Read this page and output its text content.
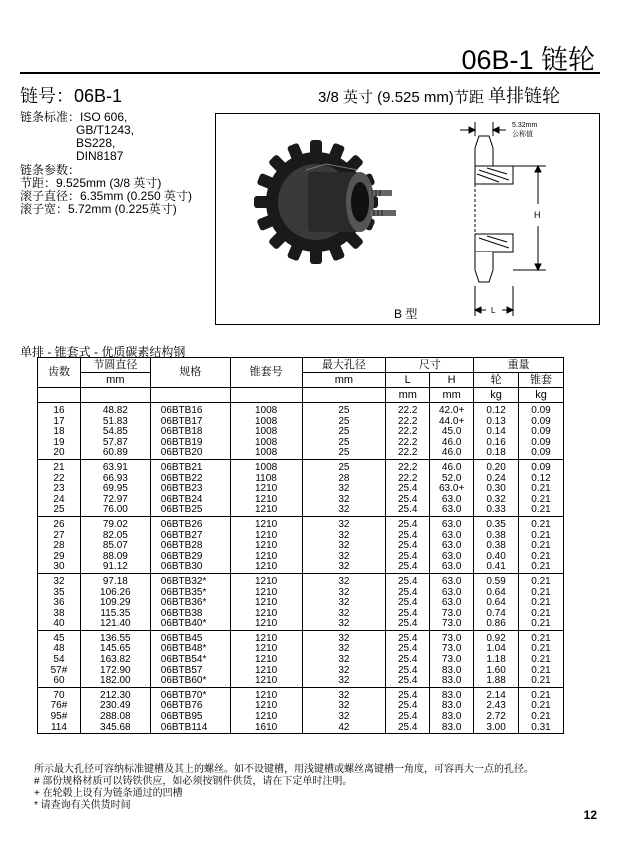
06B-1 链轮
链号：06B-1	3/8 英寸 (9.525 mm)节距 单排链轮
链条标准：ISO 606,
GB/T1243,
BS228,
DIN8187
链条参数：
节距：9.525mm (3/8 英寸)
滚子直径：6.35mm (0.250 英寸)
滚子宽：5.72mm (0.225英寸)
5.32mm
公称值
H
L
B 型
单排 - 锥套式 - 优质碳素结构钢
齿数	节圆直径	规格	锥套号	最大孔径	尺寸		重量	
	mm			mm	L	H	轮	锥套
					mm	mm	kg	kg
16	48.82	06BTB16	1008	25	22.2	42.0+	0.12	0.09
17	51.83	06BTB17	1008	25	22.2	44.0+	0.13	0.09
18	54.85	06BTB18	1008	25	22.2	45.0	0.14	0.09
19	57.87	06BTB19	1008	25	22.2	46.0	0.16	0.09
20	60.89	06BTB20	1008	25	22.2	46.0	0.18	0.09
21	63.91	06BTB21	1008	25	22.2	46.0	0.20	0.09
22	66.93	06BTB22	1108	28	22.2	52.0	0.24	0.12
23	69.95	06BTB23	1210	32	25.4	63.0+	0.30	0.21
24	72.97	06BTB24	1210	32	25.4	63.0	0.32	0.21
25	76.00	06BTB25	1210	32	25.4	63.0	0.33	0.21
26	79.02	06BTB26	1210	32	25.4	63.0	0.35	0.21
27	82.05	06BTB27	1210	32	25.4	63.0	0.38	0.21
28	85.07	06BTB28	1210	32	25.4	63.0	0.38	0.21
29	88.09	06BTB29	1210	32	25.4	63.0	0.40	0.21
30	91.12	06BTB30	1210	32	25.4	63.0	0.41	0.21
32	97.18	06BTB32*	1210	32	25.4	63.0	0.59	0.21
35	106.26	06BTB35*	1210	32	25.4	63.0	0.64	0.21
36	109.29	06BTB36*	1210	32	25.4	63.0	0.64	0.21
38	115.35	06BTB38	1210	32	25.4	73.0	0.74	0.21
40	121.40	06BTB40*	1210	32	25.4	73.0	0.86	0.21
45	136.55	06BTB45	1210	32	25.4	73.0	0.92	0.21
48	145.65	06BTB48*	1210	32	25.4	73.0	1.04	0.21
54	163.82	06BTB54*	1210	32	25.4	73.0	1.18	0.21
57#	172.90	06BTB57	1210	32	25.4	83.0	1.60	0.21
60	182.00	06BTB60*	1210	32	25.4	83.0	1.88	0.21
70	212.30	06BTB70*	1210	32	25.4	83.0	2.14	0.21
76#	230.49	06BTB76	1210	32	25.4	83.0	2.43	0.21
95#	288.08	06BTB95	1210	32	25.4	83.0	2.72	0.21
114	345.68	06BTB114	1610	42	25.4	83.0	3.00	0.31
所示最大孔径可容纳标准键槽及其上的螺丝。如不设键槽，用浅键槽或螺丝离键槽一角度，可容再大一点的孔径。
# 部份规格材质可以铸铁供应，如必须按钢件供货，请在下定单时注明。
+ 在轮毂上设有为链条通过的凹槽
* 请查询有关供货时间
12
